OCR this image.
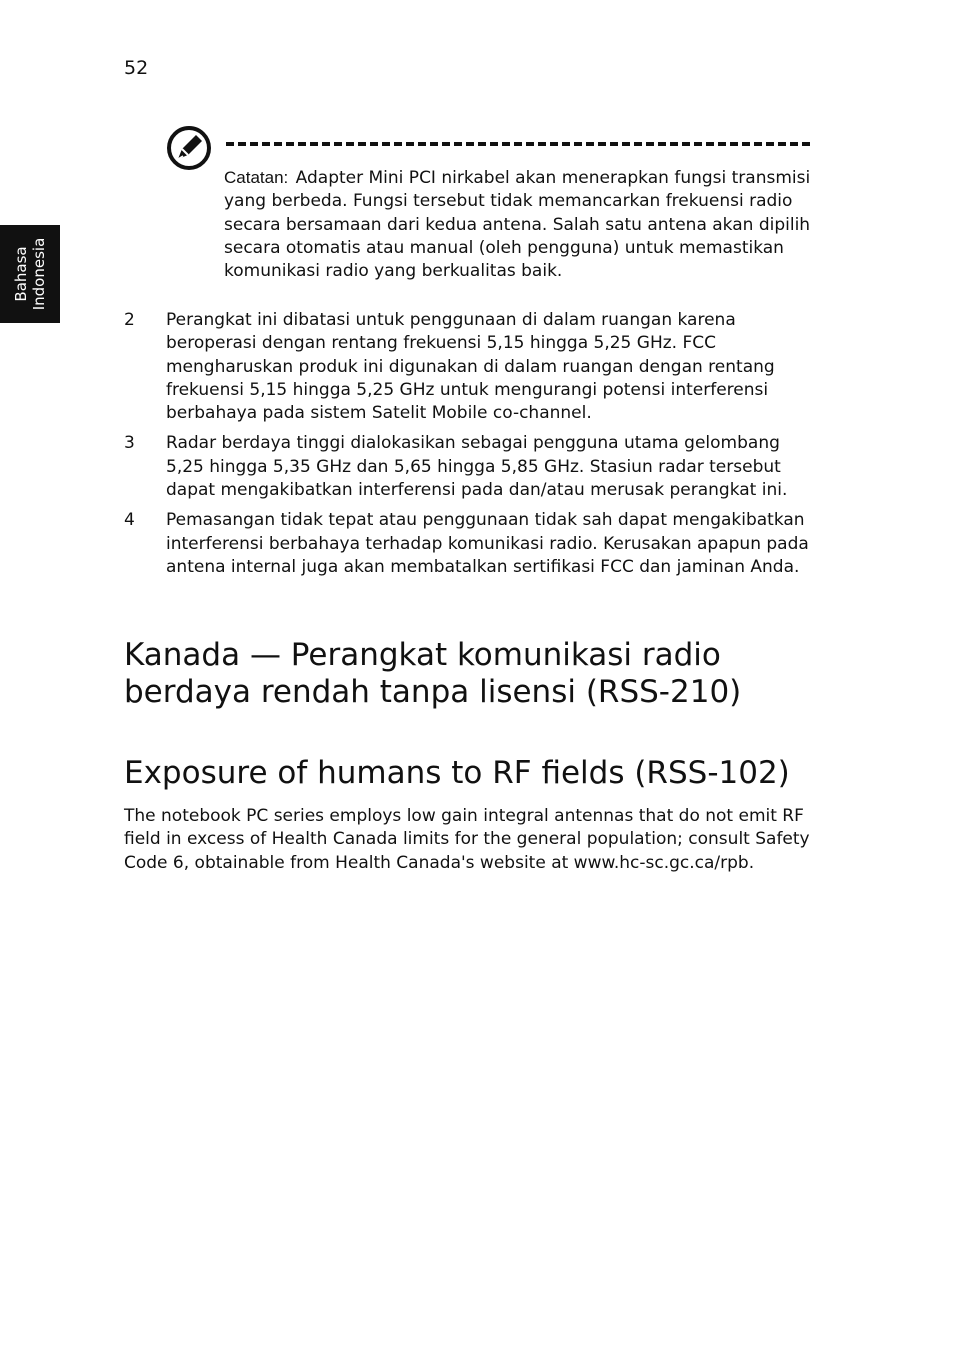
52
Bahasa Indonesia
Catatan: Adapter Mini PCI nirkabel akan menerapkan fungsi transmisi yang berbeda. Fungsi tersebut tidak memancarkan frekuensi radio secara bersamaan dari kedua antena. Salah satu antena akan dipilih secara otomatis atau manual (oleh pengguna) untuk memastikan komunikasi radio yang berkualitas baik.
2 Perangkat ini dibatasi untuk penggunaan di dalam ruangan karena beroperasi dengan rentang frekuensi 5,15 hingga 5,25 GHz. FCC mengharuskan produk ini digunakan di dalam ruangan dengan rentang frekuensi 5,15 hingga 5,25 GHz untuk mengurangi potensi interferensi berbahaya pada sistem Satelit Mobile co-channel.
3 Radar berdaya tinggi dialokasikan sebagai pengguna utama gelombang 5,25 hingga 5,35 GHz dan 5,65 hingga 5,85 GHz. Stasiun radar tersebut dapat mengakibatkan interferensi pada dan/atau merusak perangkat ini.
4 Pemasangan tidak tepat atau penggunaan tidak sah dapat mengakibatkan interferensi berbahaya terhadap komunikasi radio. Kerusakan apapun pada antena internal juga akan membatalkan sertifikasi FCC dan jaminan Anda.
Kanada — Perangkat komunikasi radio berdaya rendah tanpa lisensi (RSS-210)
Exposure of humans to RF fields (RSS-102)

The notebook PC series employs low gain integral antennas that do not emit RF field in excess of Health Canada limits for the general population; consult Safety Code 6, obtainable from Health Canada's website at www.hc-sc.gc.ca/rpb.
